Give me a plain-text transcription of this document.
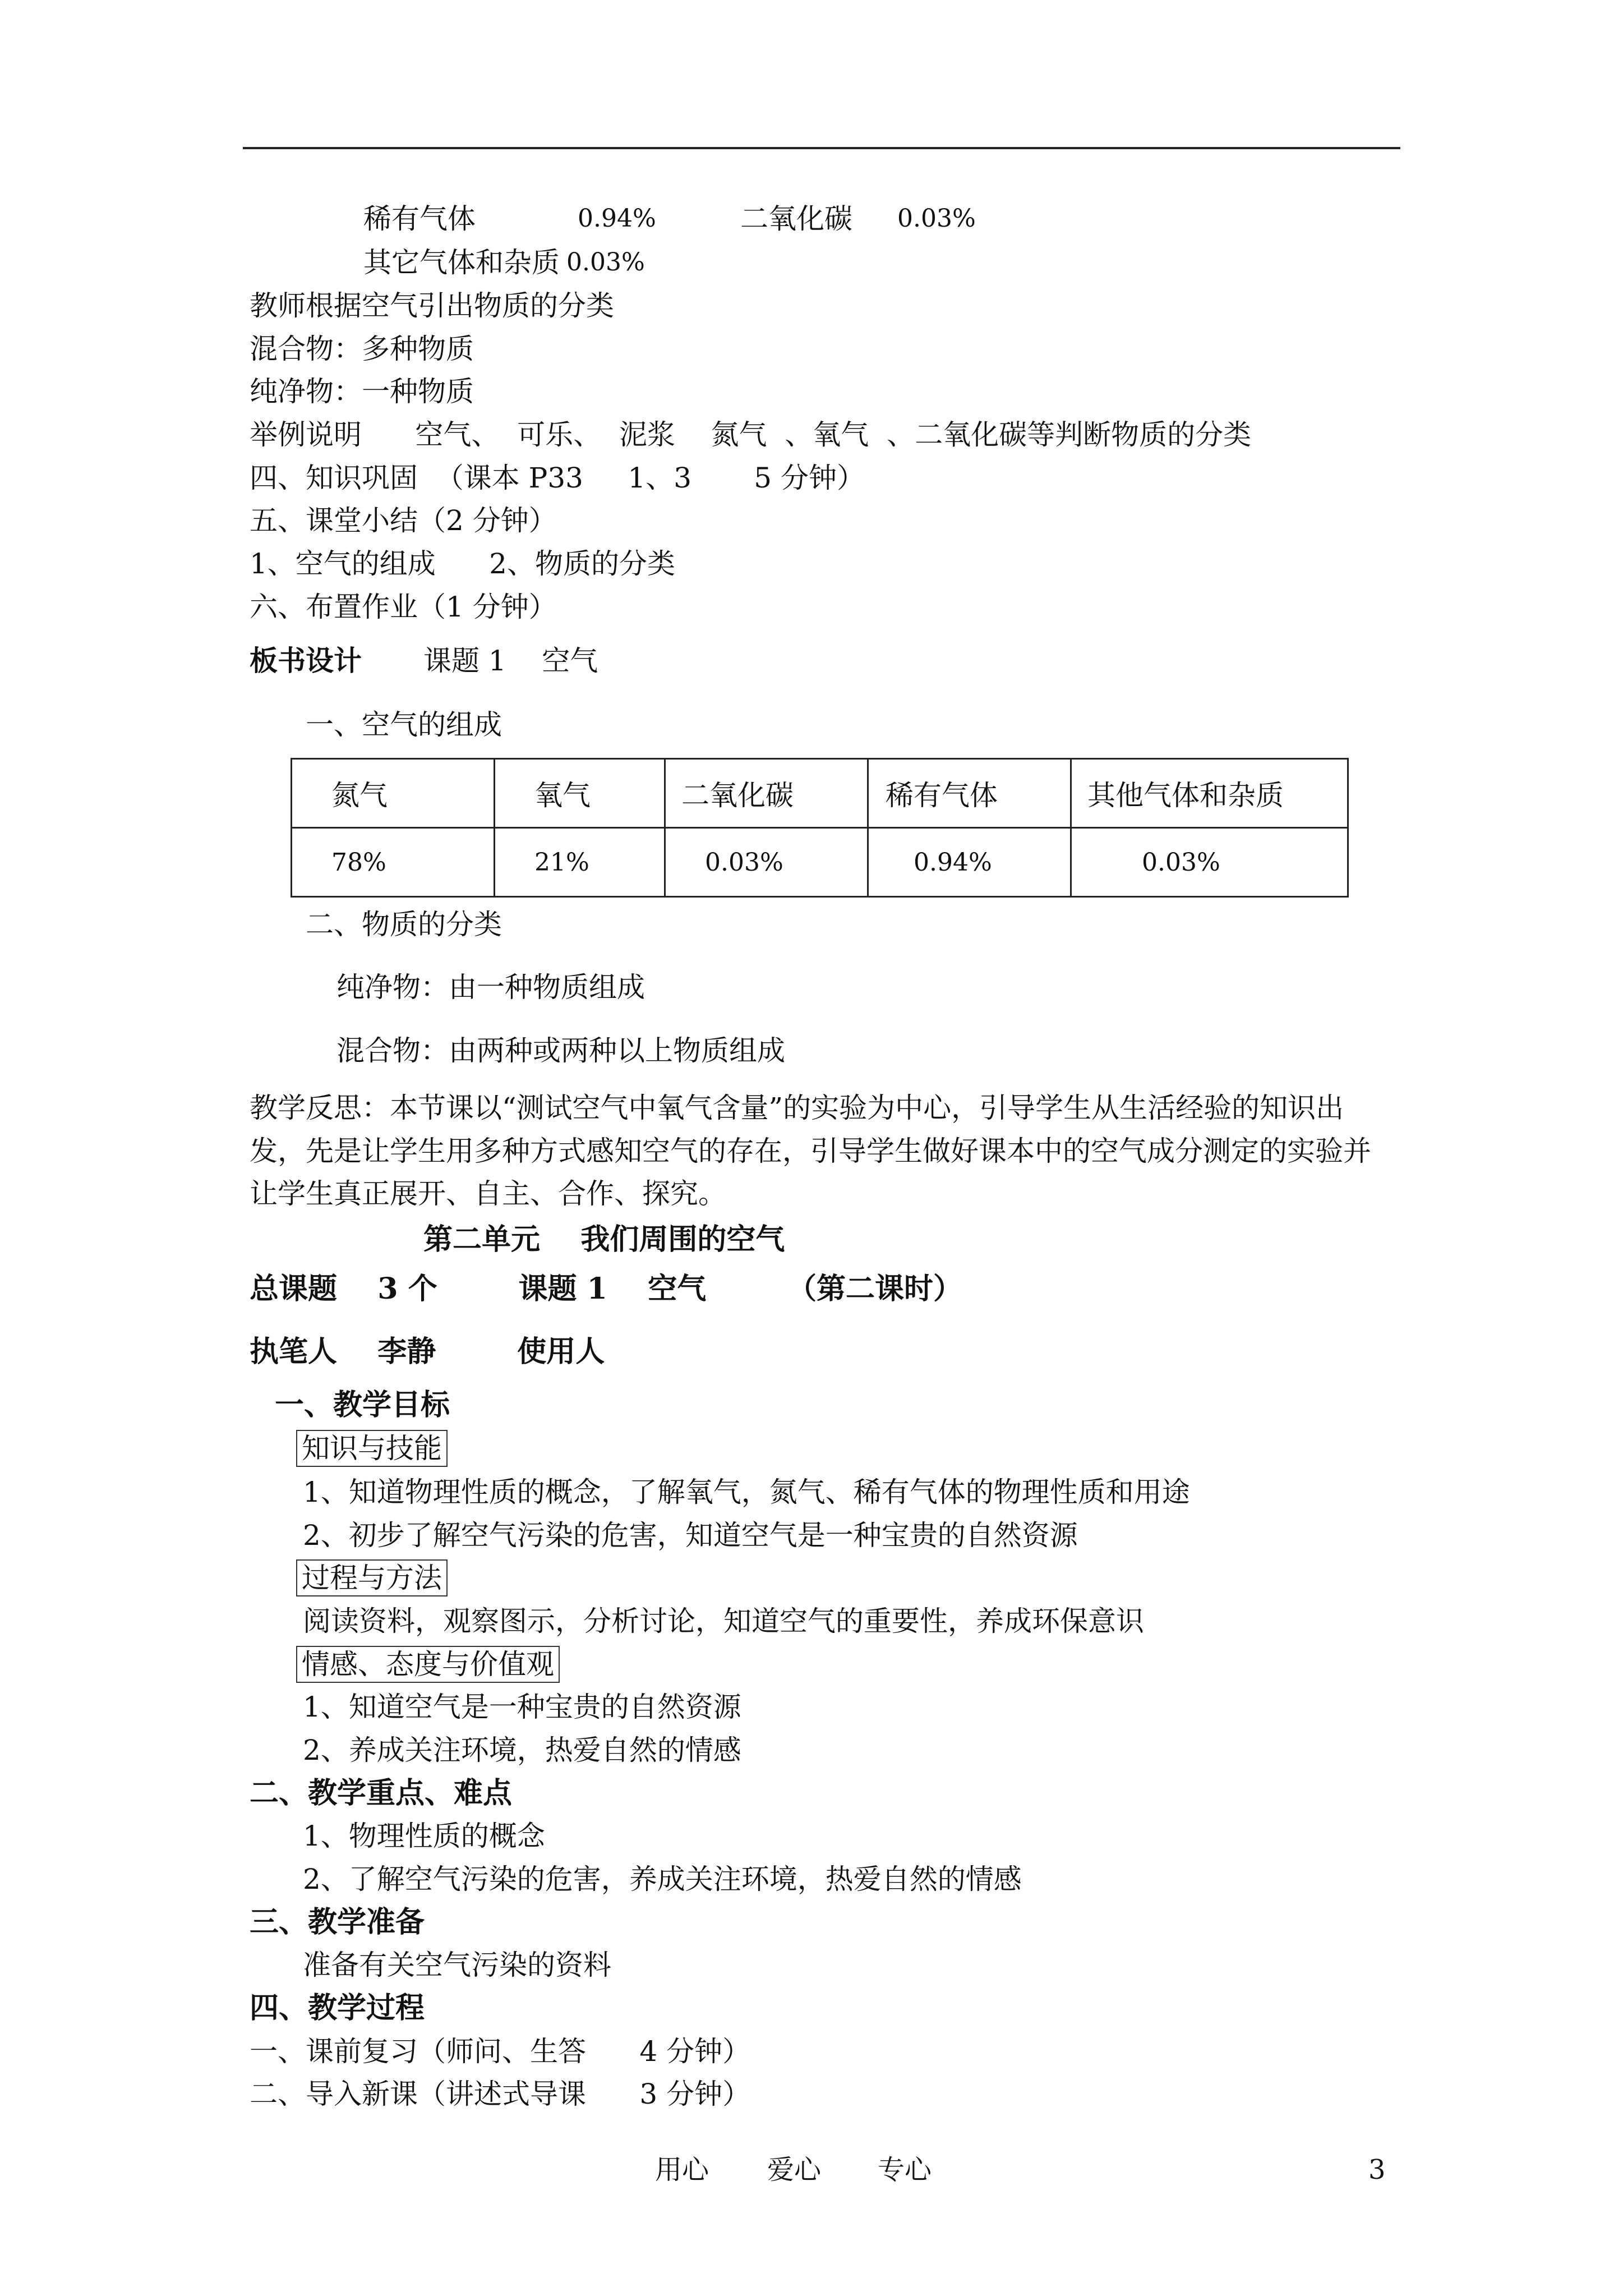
稀有气体	0.94%	二氧化碳 0.03%
其它气体和杂质 0.03%
教师根据空气引出物质的分类
混合物：多种物质
纯净物：一种物质
举例说明      空气、  可乐、  泥浆    氮气  、氧气  、二氧化碳等判断物质的分类
四、知识巩固  （课本 P33     1、3       5 分钟）
五、课堂小结（2 分钟）
1、空气的组成      2、物质的分类
六、布置作业（1 分钟）
板书设计 课题 1    空气
一、空气的组成
氮气	氧气	二氧化碳	稀有气体	其他气体和杂质
78%	21%	0.03%	0.94%	0.03%
二、物质的分类
纯净物：由一种物质组成
混合物：由两种或两种以上物质组成
教学反思：本节课以“测试空气中氧气含量”的实验为中心，引导学生从生活经验的知识出
发，先是让学生用多种方式感知空气的存在，引导学生做好课本中的空气成分测定的实验并
让学生真正展开、自主、合作、探究。
第二单元    我们周围的空气
总课题    3 个        课题 1    空气        （第二课时）
执笔人    李静        使用人
一、教学目标
知识与技能
1、知道物理性质的概念，了解氧气，氮气、稀有气体的物理性质和用途
2、初步了解空气污染的危害，知道空气是一种宝贵的自然资源
过程与方法
阅读资料，观察图示，分析讨论，知道空气的重要性，养成环保意识
情感、态度与价值观
1、知道空气是一种宝贵的自然资源
2、养成关注环境，热爱自然的情感
二、教学重点、难点
1、物理性质的概念
2、了解空气污染的危害，养成关注环境，热爱自然的情感
三、教学准备
准备有关空气污染的资料
四、教学过程
一、课前复习（师问、生答      4 分钟）
二、导入新课（讲述式导课      3 分钟）
用心 爱心 专心	3
